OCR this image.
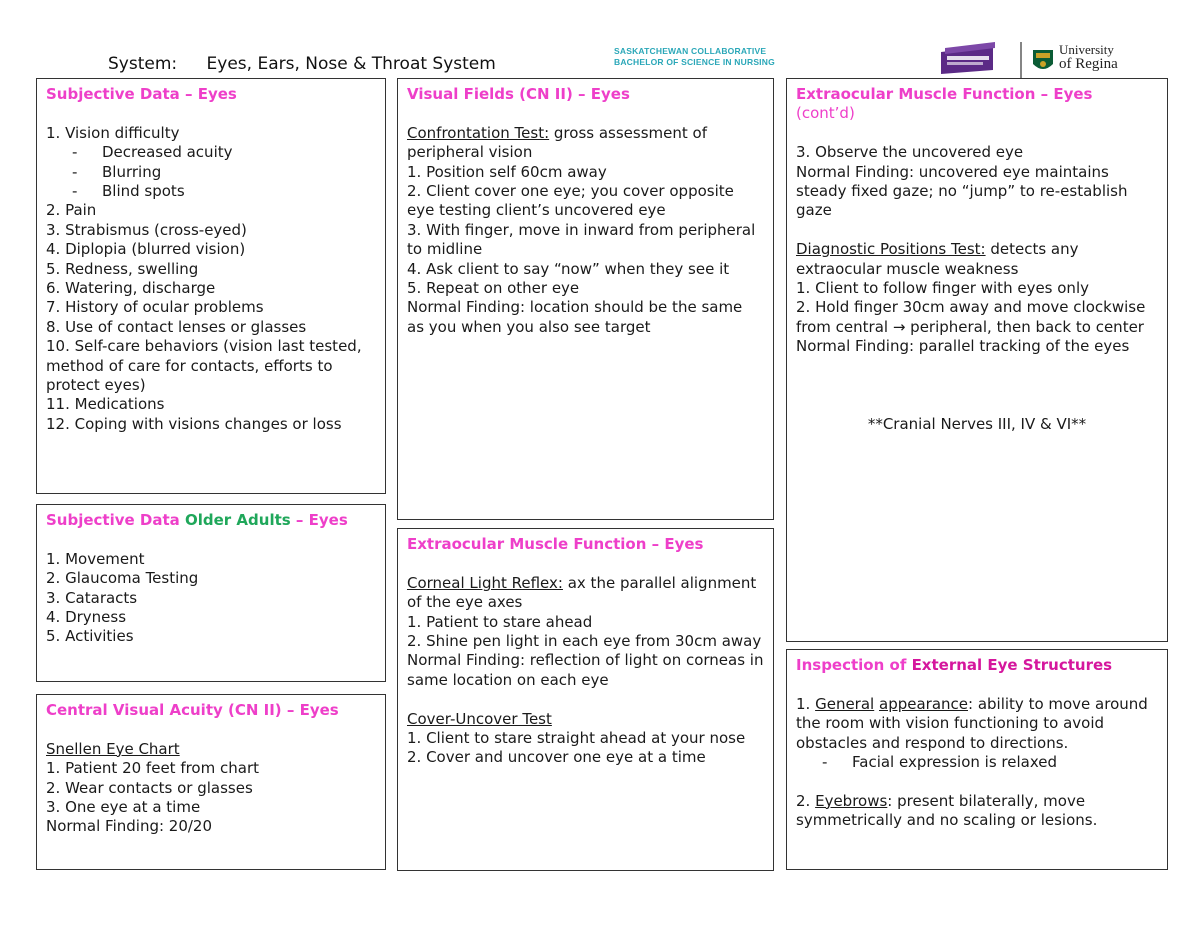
System: Eyes, Ears, Nose & Throat System
SASKATCHEWAN COLLABORATIVE
BACHELOR OF SCIENCE IN NURSING
University
of Regina
Subjective Data – Eyes
1. Vision difficulty
- Decreased acuity
- Blurring
- Blind spots
2. Pain
3. Strabismus (cross-eyed)
4. Diplopia (blurred vision)
5. Redness, swelling
6. Watering, discharge
7. History of ocular problems
8. Use of contact lenses or glasses
10. Self-care behaviors (vision last tested, method of care for contacts, efforts to protect eyes)
11. Medications
12. Coping with visions changes or loss
Subjective Data Older Adults – Eyes
1. Movement
2. Glaucoma Testing
3. Cataracts
4. Dryness
5. Activities
Central Visual Acuity (CN II) – Eyes
Snellen Eye Chart
1. Patient 20 feet from chart
2. Wear contacts or glasses
3. One eye at a time
Normal Finding: 20/20
Visual Fields (CN II) – Eyes
Confrontation Test: gross assessment of peripheral vision
1. Position self 60cm away
2. Client cover one eye; you cover opposite eye testing client’s uncovered eye
3. With finger, move in inward from peripheral to midline
4. Ask client to say “now” when they see it
5. Repeat on other eye
Normal Finding: location should be the same as you when you also see target
Extraocular Muscle Function – Eyes
Corneal Light Reflex: ax the parallel alignment of the eye axes
1. Patient to stare ahead
2. Shine pen light in each eye from 30cm away
Normal Finding: reflection of light on corneas in same location on each eye
Cover-Uncover Test
1. Client to stare straight ahead at your nose
2. Cover and uncover one eye at a time
Extraocular Muscle Function – Eyes
(cont’d)
3. Observe the uncovered eye
Normal Finding: uncovered eye maintains steady fixed gaze; no “jump” to re-establish gaze
Diagnostic Positions Test: detects any extraocular muscle weakness
1. Client to follow finger with eyes only
2. Hold finger 30cm away and move clockwise from central → peripheral, then back to center
Normal Finding: parallel tracking of the eyes
**Cranial Nerves III, IV & VI**
Inspection of External Eye Structures
1. General appearance: ability to move around the room with vision functioning to avoid obstacles and respond to directions.
- Facial expression is relaxed
2. Eyebrows: present bilaterally, move symmetrically and no scaling or lesions.
